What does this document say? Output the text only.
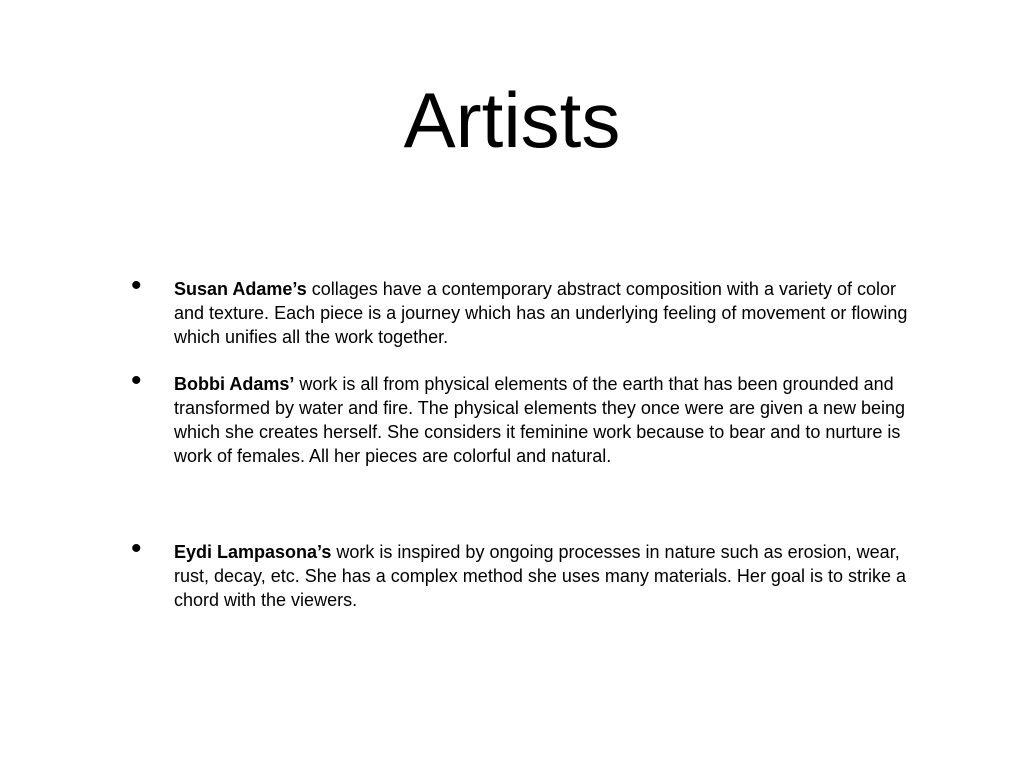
Artists
• Susan Adame’s collages have a contemporary abstract composition with a variety of color and texture. Each piece is a journey which has an underlying feeling of movement or flowing which unifies all the work together.
• Bobbi Adams’ work is all from physical elements of the earth that has been grounded and transformed by water and fire. The physical elements they once were are given a new being which she creates herself. She considers it feminine work because to bear and to nurture is work of females. All her pieces are colorful and natural.
• Eydi Lampasona’s work is inspired by ongoing processes in nature such as erosion, wear, rust, decay, etc. She has a complex method she uses many materials. Her goal is to strike a chord with the viewers.
